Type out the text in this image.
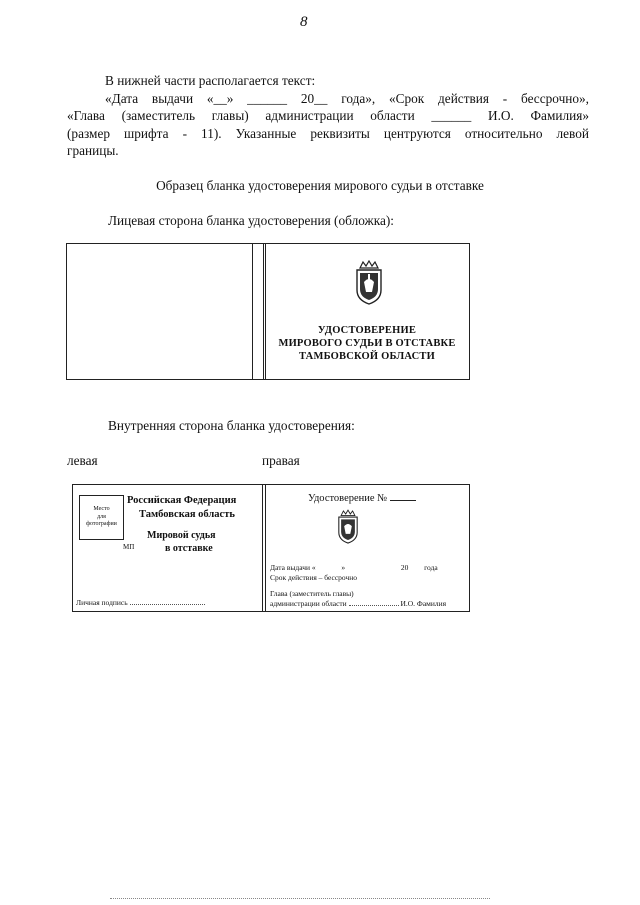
8

В нижней части располагается текст:

«Дата выдачи «__» ______ 20__ года», «Срок действия - бессрочно»,

«Глава (заместитель главы) администрации области ______ И.О. Фамилия»

(размер шрифта - 11). Указанные реквизиты центруются относительно левой

границы.

Образец бланка удостоверения мирового судьи в отставке
Лицевая сторона бланка удостоверения (обложка):
УДОСТОВЕРЕНИЕ
МИРОВОГО СУДЬИ В ОТСТАВКЕ
ТАМБОВСКОЙ ОБЛАСТИ
Внутренняя сторона бланка удостоверения:
левая	правая
Место
для
фотографии
МП
Российская Федерация
Тамбовская область
Мировой судья
в отставке
Личная подпись
Удостоверение №
Дата выдачи «	»	20 года
Срок действия – бессрочно
Глава (заместитель главы)
администрации области	И.О. Фамилия
